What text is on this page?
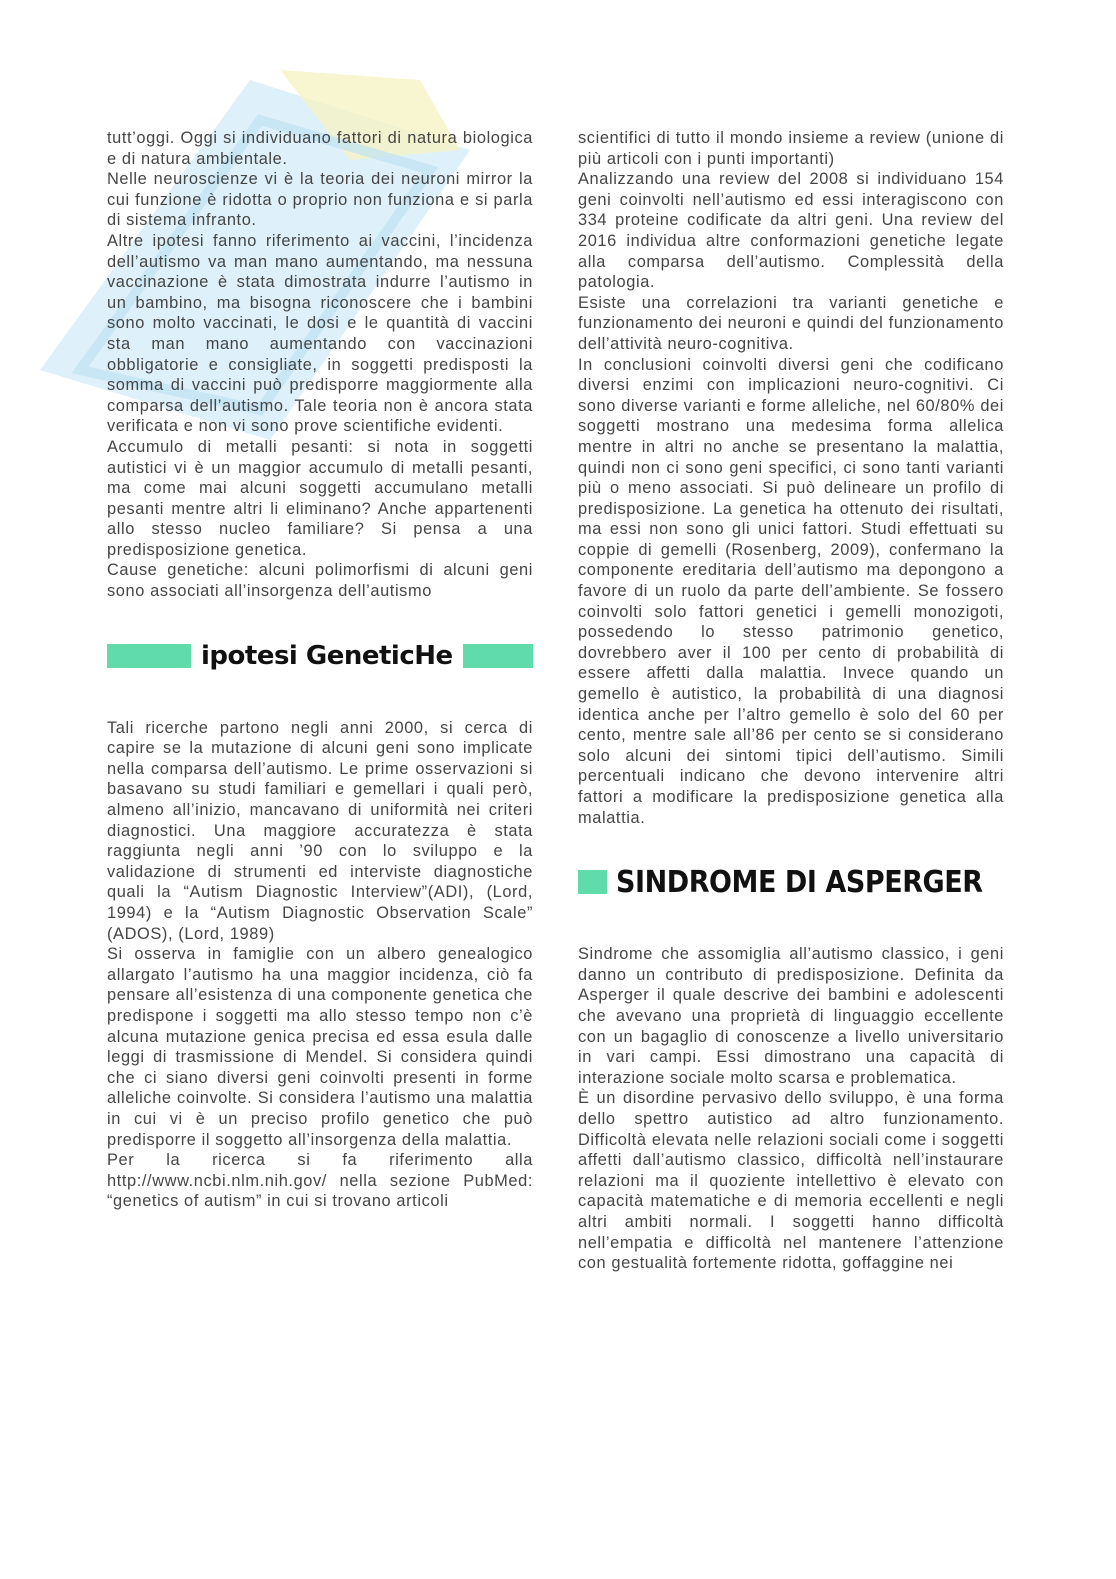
tutt’oggi. Oggi si individuano fattori di natura biologica e di natura ambientale.

Nelle neuroscienze vi è la teoria dei neuroni mirror la cui funzione è ridotta o proprio non funziona e si parla di sistema infranto.

Altre ipotesi fanno riferimento ai vaccini, l’incidenza dell’autismo va man mano aumentando, ma nessuna vaccinazione è stata dimostrata indurre l’autismo in un bambino, ma bisogna riconoscere che i bambini sono molto vaccinati, le dosi e le quantità di vaccini sta man mano aumentando con vaccinazioni obbligatorie e consigliate, in soggetti predisposti la somma di vaccini può predisporre maggiormente alla comparsa dell’autismo. Tale teoria non è ancora stata verificata e non vi sono prove scientifiche evidenti.

Accumulo di metalli pesanti: si nota in soggetti autistici vi è un maggior accumulo di metalli pesanti, ma come mai alcuni soggetti accumulano metalli pesanti mentre altri li eliminano? Anche appartenenti allo stesso nucleo familiare? Si pensa a una predisposizione genetica.

Cause genetiche: alcuni polimorfismi di alcuni geni sono associati all’insorgenza dell’autismo

ipotesi GeneticHe

Tali ricerche partono negli anni 2000, si cerca di capire se la mutazione di alcuni geni sono implicate nella comparsa dell’autismo. Le prime osservazioni si basavano su studi familiari e gemellari i quali però, almeno all’inizio, mancavano di uniformità nei criteri diagnostici. Una maggiore accuratezza è stata raggiunta negli anni ’90 con lo sviluppo e la validazione di strumenti ed interviste diagnostiche quali la “Autism Diagnostic Interview”(ADI), (Lord, 1994) e la “Autism Diagnostic Observation Scale” (ADOS), (Lord, 1989)

Si osserva in famiglie con un albero genealogico allargato l’autismo ha una maggior incidenza, ciò fa pensare all’esistenza di una componente genetica che predispone i soggetti ma allo stesso tempo non c’è alcuna mutazione genica precisa ed essa esula dalle leggi di trasmissione di Mendel. Si considera quindi che ci siano diversi geni coinvolti presenti in forme alleliche coinvolte. Si considera l’autismo una malattia in cui vi è un preciso profilo genetico che può predisporre il soggetto all’insorgenza della malattia.

Per la ricerca si fa riferimento alla http://www.ncbi.nlm.nih.gov/ nella sezione PubMed: “genetics of autism” in cui si trovano articoli

scientifici di tutto il mondo insieme a review (unione di più articoli con i punti importanti)

Analizzando una review del 2008 si individuano 154 geni coinvolti nell’autismo ed essi interagiscono con 334 proteine codificate da altri geni. Una review del 2016 individua altre conformazioni genetiche legate alla comparsa dell’autismo. Complessità della patologia.

Esiste una correlazioni tra varianti genetiche e funzionamento dei neuroni e quindi del funzionamento dell’attività neuro-cognitiva.

In conclusioni coinvolti diversi geni che codificano diversi enzimi con implicazioni neuro-cognitivi. Ci sono diverse varianti e forme alleliche, nel 60/80% dei soggetti mostrano una medesima forma allelica mentre in altri no anche se presentano la malattia, quindi non ci sono geni specifici, ci sono tanti varianti più o meno associati. Si può delineare un profilo di predisposizione. La genetica ha ottenuto dei risultati, ma essi non sono gli unici fattori. Studi effettuati su coppie di gemelli (Rosenberg, 2009), confermano la componente ereditaria dell’autismo ma depongono a favore di un ruolo da parte dell’ambiente. Se fossero coinvolti solo fattori genetici i gemelli monozigoti, possedendo lo stesso patrimonio genetico, dovrebbero aver il 100 per cento di probabilità di essere affetti dalla malattia. Invece quando un gemello è autistico, la probabilità di una diagnosi identica anche per l’altro gemello è solo del 60 per cento, mentre sale all’86 per cento se si considerano solo alcuni dei sintomi tipici dell’autismo. Simili percentuali indicano che devono intervenire altri fattori a modificare la predisposizione genetica alla malattia.

SINDROME DI ASPERGER

Sindrome che assomiglia all’autismo classico, i geni danno un contributo di predisposizione. Definita da Asperger il quale descrive dei bambini e adolescenti che avevano una proprietà di linguaggio eccellente con un bagaglio di conoscenze a livello universitario in vari campi. Essi dimostrano una capacità di interazione sociale molto scarsa e problematica.

È un disordine pervasivo dello sviluppo, è una forma dello spettro autistico ad altro funzionamento. Difficoltà elevata nelle relazioni sociali come i soggetti affetti dall’autismo classico, difficoltà nell’instaurare relazioni ma il quoziente intellettivo è elevato con capacità matematiche e di memoria eccellenti e negli altri ambiti normali. I soggetti hanno difficoltà nell’empatia e difficoltà nel mantenere l’attenzione con gestualità fortemente ridotta, goffaggine nei
